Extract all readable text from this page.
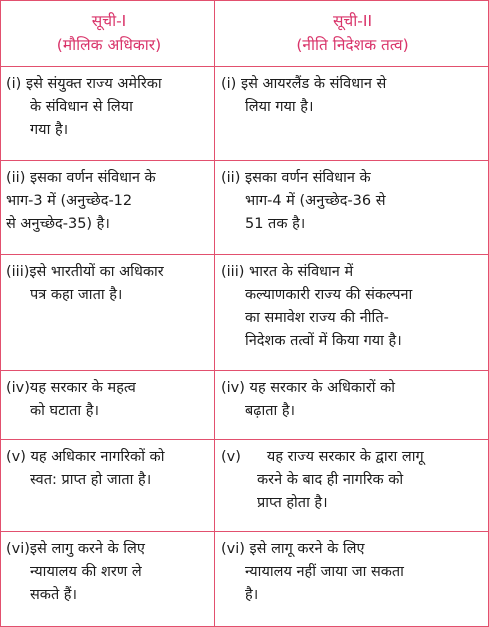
सूची-I
(मौलिक अधिकार)
सूची-II
(नीति निदेशक तत्व)
(i) इसे संयुक्त राज्य अमेरिका
के संविधान से लिया
गया है।
(i) इसे आयरलैंड के संविधान से
लिया गया है।
(ii) इसका वर्णन संविधान के
भाग-3 में (अनुच्छेद-12
से अनुच्छेद-35) है।
(ii) इसका वर्णन संविधान के
भाग-4 में (अनुच्छेद-36 से
51 तक है।
(iii)इसे भारतीयों का अधिकार
पत्र कहा जाता है।
(iii) भारत के संविधान में
कल्याणकारी राज्य की संकल्पना
का समावेश राज्य की नीति-
निदेशक तत्वों में किया गया है।
(iv)यह सरकार के महत्व
को घटाता है।
(iv) यह सरकार के अधिकारों को
बढ़ाता है।
(v) यह अधिकार नागरिकों को
स्वत: प्राप्त हो जाता है।
(v) यह राज्य सरकार के द्वारा लागू
करने के बाद ही नागरिक को
प्राप्त होता है।
(vi)इसे लागु करने के लिए
न्यायालय की शरण ले
सकते हैं।
(vi) इसे लागू करने के लिए
न्यायालय नहीं जाया जा सकता
है।
